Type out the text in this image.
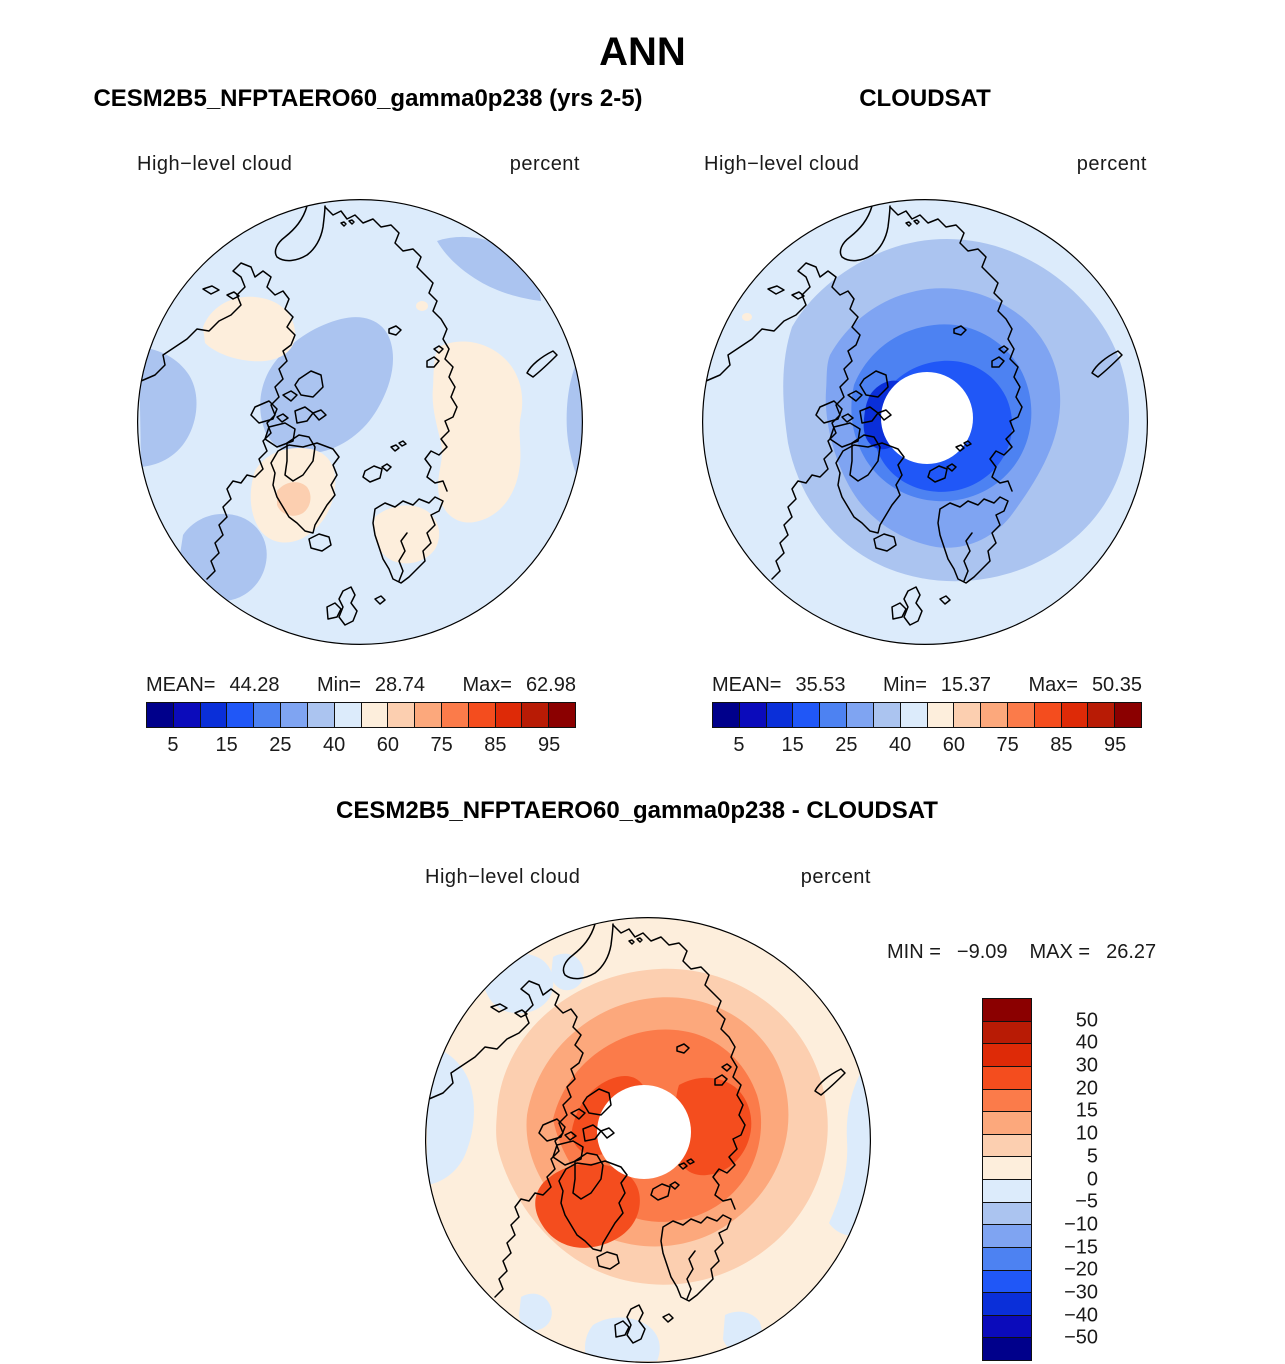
ANN
CESM2B5_NFPTAERO60_gamma0p238 (yrs 2-5)	CLOUDSAT
CESM2B5_NFPTAERO60_gamma0p238 - CLOUDSAT
High−level cloud	percent	High−level cloud	percent
High−level cloud	percent
MEAN= 44.28 Min= 28.74 Max= 62.98	MEAN= 35.53 Min= 15.37 Max= 50.35
5 15 25 40 60 75 85 95	5 15 25 40 60 75 85 95
MIN = −9.09 MAX = 26.27
50
40
30
20
15
10
5
0
−5
−10
−15
−20
−30
−40
−50
